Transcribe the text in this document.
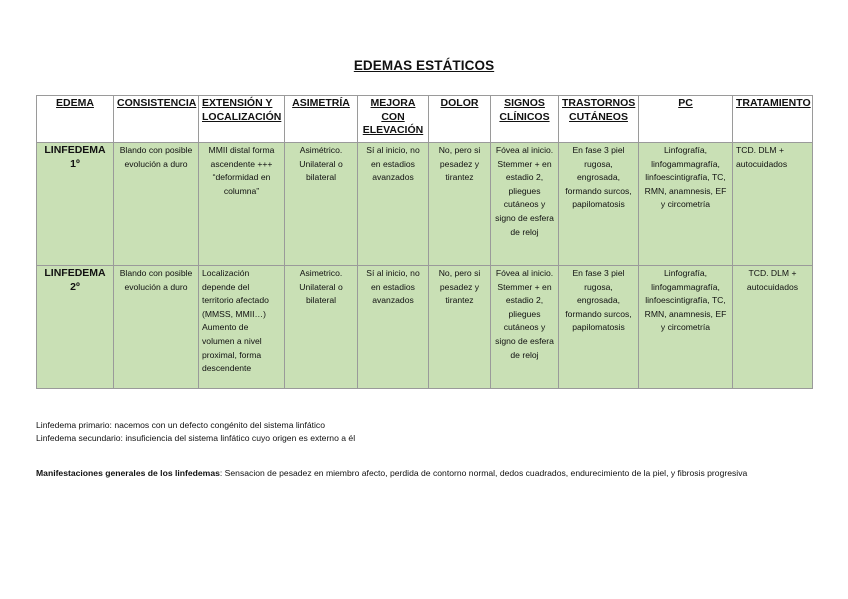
EDEMAS ESTÁTICOS
EDEMA	CONSISTENCIA	EXTENSIÓN Y LOCALIZACIÓN	ASIMETRÍA	MEJORA CON ELEVACIÓN	DOLOR	SIGNOS CLÍNICOS	TRASTORNOS CUTÁNEOS	PC	TRATAMIENTO
LINFEDEMA 1º	Blando con posible evolución a duro	MMII distal forma ascendente +++ “deformidad en columna”	Asimétrico. Unilateral o bilateral	Sí al inicio, no en estadios avanzados	No, pero si pesadez y tirantez	Fóvea al inicio. Stemmer + en estadio 2, pliegues cutáneos y signo de esfera de reloj	En fase 3 piel rugosa, engrosada, formando surcos, papilomatosis	Linfografía, linfogammagrafía, linfoescintigrafía, TC, RMN, anamnesis, EF y circometría	TCD. DLM + autocuidados
LINFEDEMA 2º	Blando con posible evolución a duro	Localización depende del territorio afectado (MMSS, MMII…) Aumento de volumen a nivel proximal, forma descendente	Asimetrico. Unilateral o bilateral	Sí al inicio, no en estadios avanzados	No, pero si pesadez y tirantez	Fóvea al inicio. Stemmer + en estadio 2, pliegues cutáneos y signo de esfera de reloj	En fase 3 piel rugosa, engrosada, formando surcos, papilomatosis	Linfografía, linfogammagrafía, linfoescintigrafía, TC, RMN, anamnesis, EF y circometría	TCD. DLM + autocuidados
Linfedema primario: nacemos con un defecto congénito del sistema linfático
Linfedema secundario: insuficiencia del sistema linfático cuyo origen es externo a él
Manifestaciones generales de los linfedemas: Sensacion de pesadez en miembro afecto, perdida de contorno normal, dedos cuadrados, endurecimiento de la piel, y fibrosis progresiva
